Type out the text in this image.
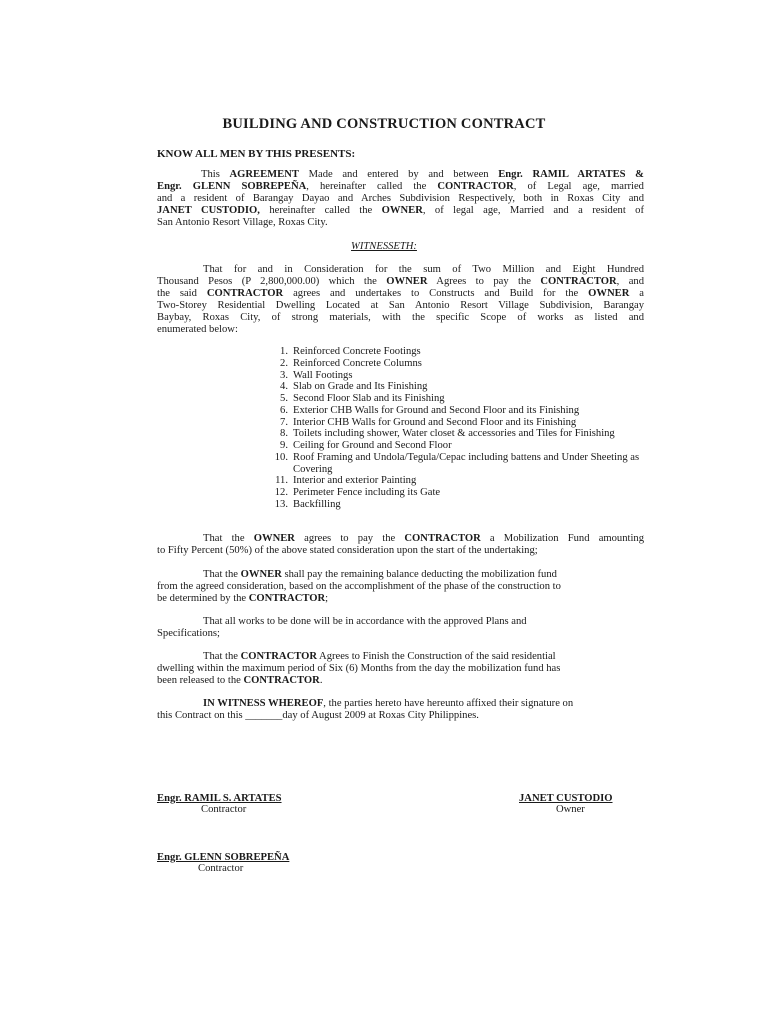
BUILDING AND CONSTRUCTION CONTRACT
KNOW ALL MEN BY THIS PRESENTS:
This AGREEMENT Made and entered by and between Engr. RAMIL ARTATES &
Engr. GLENN SOBREPEÑA, hereinafter called the CONTRACTOR, of Legal age, married
and a resident of Barangay Dayao and Arches Subdivision Respectively, both in Roxas City and
JANET CUSTODIO, hereinafter called the OWNER, of legal age, Married and a resident of
San Antonio Resort Village, Roxas City.
WITNESSETH:
That for and in Consideration for the sum of Two Million and Eight Hundred
Thousand Pesos (P 2,800,000.00) which the OWNER Agrees to pay the CONTRACTOR, and
the said CONTRACTOR agrees and undertakes to Constructs and Build for the OWNER a
Two-Storey Residential Dwelling Located at San Antonio Resort Village Subdivision, Barangay
Baybay, Roxas City, of strong materials, with the specific Scope of works as listed and
enumerated below:
1. Reinforced Concrete Footings
2. Reinforced Concrete Columns
3. Wall Footings
4. Slab on Grade and Its Finishing
5. Second Floor Slab and its Finishing
6. Exterior CHB Walls for Ground and Second Floor and its Finishing
7. Interior CHB Walls for Ground and Second Floor and its Finishing
8. Toilets including shower, Water closet & accessories and Tiles for Finishing
9. Ceiling for Ground and Second Floor
10. Roof Framing and Undola/Tegula/Cepac including battens and Under Sheeting as Covering
11. Interior and exterior Painting
12. Perimeter Fence including its Gate
13. Backfilling
That the OWNER agrees to pay the CONTRACTOR a Mobilization Fund amounting
to Fifty Percent (50%) of the above stated consideration upon the start of the undertaking;
That the OWNER shall pay the remaining balance deducting the mobilization fund
from the agreed consideration, based on the accomplishment of the phase of the construction to
be determined by the CONTRACTOR;
That all works to be done will be in accordance with the approved Plans and
Specifications;
That the CONTRACTOR Agrees to Finish the Construction of the said residential
dwelling within the maximum period of Six (6) Months from the day the mobilization fund has
been released to the CONTRACTOR.
IN WITNESS WHEREOF, the parties hereto have hereunto affixed their signature on
this Contract on this _______day of August 2009 at Roxas City Philippines.
Engr. RAMIL S. ARTATES
Contractor
JANET CUSTODIO
Owner
Engr. GLENN SOBREPEÑA
Contractor
